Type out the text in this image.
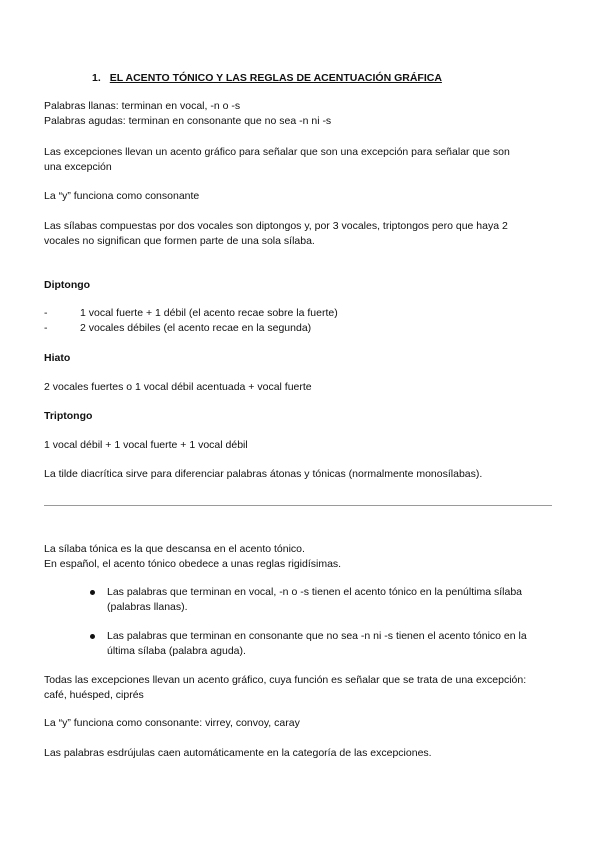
1. EL ACENTO TÓNICO Y LAS REGLAS DE ACENTUACIÓN GRÁFICA
Palabras llanas: terminan en vocal, -n o -s
Palabras agudas: terminan en consonante que no sea -n ni -s
Las excepciones llevan un acento gráfico para señalar que son una excepción para señalar que son
una excepción
La “y” funciona como consonante
Las sílabas compuestas por dos vocales son diptongos y, por 3 vocales, triptongos pero que haya 2
vocales no significan que formen parte de una sola sílaba.
Diptongo
-	1 vocal fuerte + 1 débil (el acento recae sobre la fuerte)
-	2 vocales débiles (el acento recae en la segunda)
Hiato
2 vocales fuertes o 1 vocal débil acentuada + vocal fuerte
Triptongo
1 vocal débil + 1 vocal fuerte + 1 vocal débil
La tilde diacrítica sirve para diferenciar palabras átonas y tónicas (normalmente monosílabas).
La sílaba tónica es la que descansa en el acento tónico.
En español, el acento tónico obedece a unas reglas rigidísimas.
Las palabras que terminan en vocal, -n o -s tienen el acento tónico en la penúltima sílaba (palabras llanas).
Las palabras que terminan en consonante que no sea -n ni -s tienen el acento tónico en la última sílaba (palabra aguda).
Todas las excepciones llevan un acento gráfico, cuya función es señalar que se trata de una excepción:
café, huésped, ciprés
La “y” funciona como consonante: virrey, convoy, caray
Las palabras esdrújulas caen automáticamente en la categoría de las excepciones.
